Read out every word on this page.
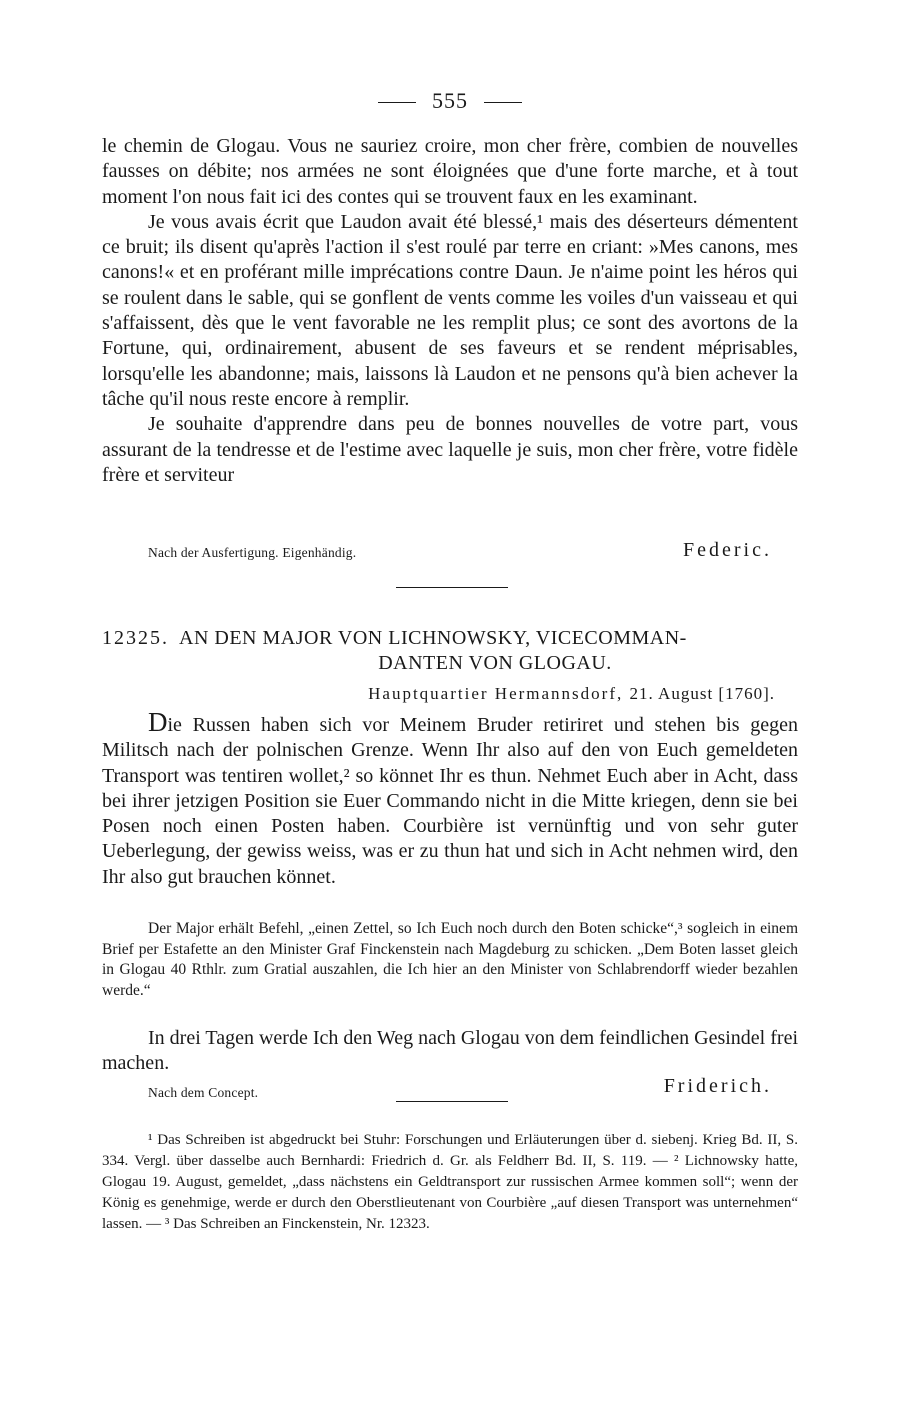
555

le chemin de Glogau. Vous ne sauriez croire, mon cher frère, combien de nouvelles fausses on débite; nos armées ne sont éloignées que d'une forte marche, et à tout moment l'on nous fait ici des contes qui se trouvent faux en les examinant.

Je vous avais écrit que Laudon avait été blessé,¹ mais des déserteurs démentent ce bruit; ils disent qu'après l'action il s'est roulé par terre en criant: »Mes canons, mes canons!« et en proférant mille imprécations contre Daun. Je n'aime point les héros qui se roulent dans le sable, qui se gonflent de vents comme les voiles d'un vaisseau et qui s'affaissent, dès que le vent favorable ne les remplit plus; ce sont des avortons de la Fortune, qui, ordinairement, abusent de ses faveurs et se rendent méprisables, lorsqu'elle les abandonne; mais, laissons là Laudon et ne pensons qu'à bien achever la tâche qu'il nous reste encore à remplir.

Je souhaite d'apprendre dans peu de bonnes nouvelles de votre part, vous assurant de la tendresse et de l'estime avec laquelle je suis, mon cher frère, votre fidèle frère et serviteur

Nach der Ausfertigung. Eigenhändig.	Federic.
12325. AN DEN MAJOR VON LICHNOWSKY, VICECOMMAN-
DANTEN VON GLOGAU.
Hauptquartier Hermannsdorf, 21. August [1760].

Die Russen haben sich vor Meinem Bruder retiriret und stehen bis gegen Militsch nach der polnischen Grenze. Wenn Ihr also auf den von Euch gemeldeten Transport was tentiren wollet,² so könnet Ihr es thun. Nehmet Euch aber in Acht, dass bei ihrer jetzigen Position sie Euer Commando nicht in die Mitte kriegen, denn sie bei Posen noch einen Posten haben. Courbière ist vernünftig und von sehr guter Ueberlegung, der gewiss weiss, was er zu thun hat und sich in Acht nehmen wird, den Ihr also gut brauchen könnet.

Der Major erhält Befehl, „einen Zettel, so Ich Euch noch durch den Boten schicke“,³ sogleich in einem Brief per Estafette an den Minister Graf Finckenstein nach Magdeburg zu schicken. „Dem Boten lasset gleich in Glogau 40 Rthlr. zum Gratial auszahlen, die Ich hier an den Minister von Schlabrendorff wieder bezahlen werde.“

In drei Tagen werde Ich den Weg nach Glogau von dem feindlichen Gesindel frei machen.

Nach dem Concept.	Friderich.

¹ Das Schreiben ist abgedruckt bei Stuhr: Forschungen und Erläuterungen über d. siebenj. Krieg Bd. II, S. 334. Vergl. über dasselbe auch Bernhardi: Friedrich d. Gr. als Feldherr Bd. II, S. 119. — ² Lichnowsky hatte, Glogau 19. August, gemeldet, „dass nächstens ein Geldtransport zur russischen Armee kommen soll“; wenn der König es genehmige, werde er durch den Oberstlieutenant von Courbière „auf diesen Transport was unternehmen“ lassen. — ³ Das Schreiben an Finckenstein, Nr. 12323.
